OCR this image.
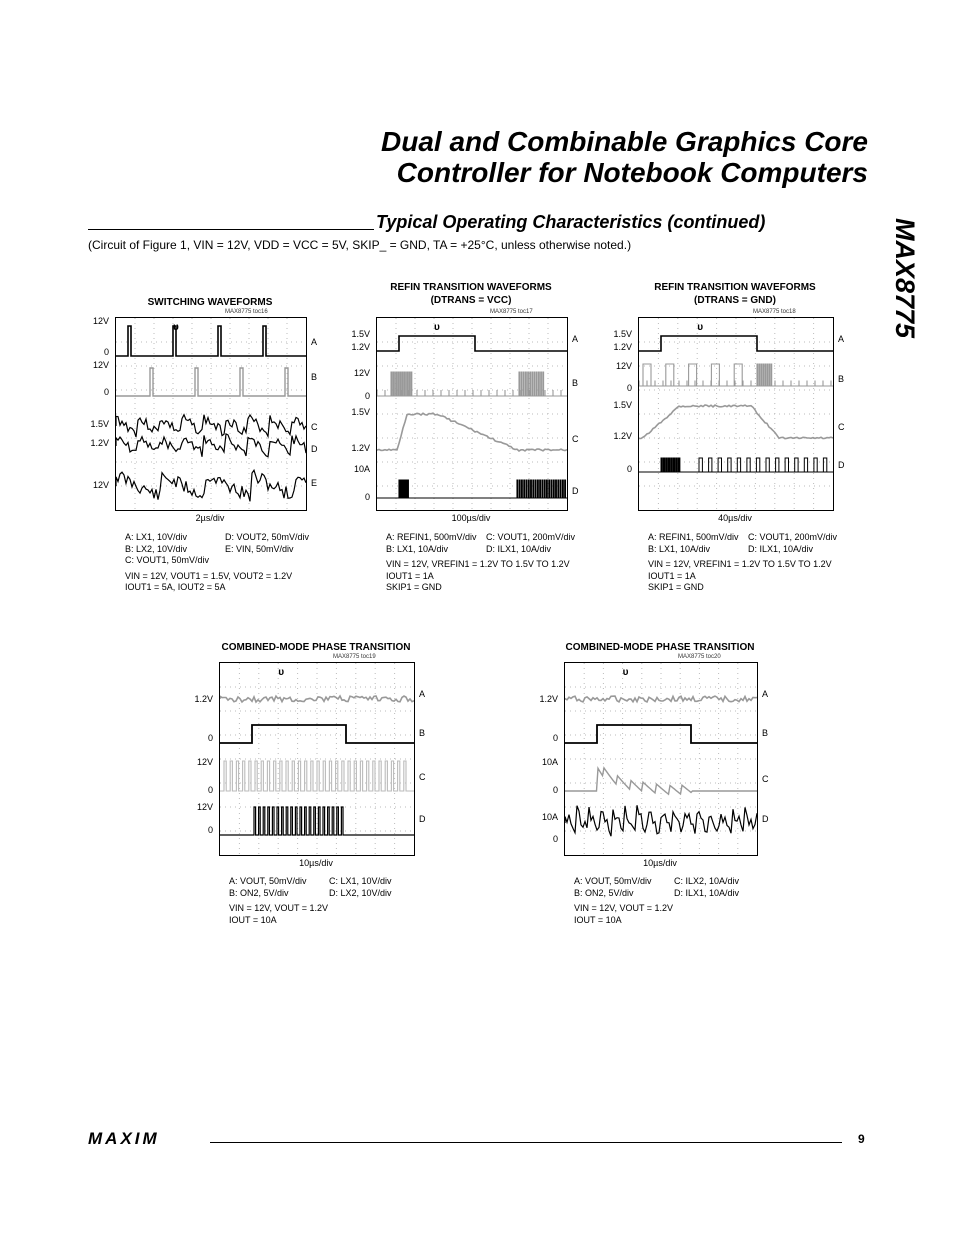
Dual and Combinable Graphics Core
Controller for Notebook Computers
Typical Operating Characteristics (continued)
(Circuit of Figure 1, VIN = 12V, VDD = VCC = 5V, SKIP_ = GND, TA = +25°C, unless otherwise noted.)	MAX8775
SWITCHING WAVEFORMS
MAX8775 toc16
υ
12V
0
12V
0
1.5V
1.2V
12V
A
B
C
D
E
2µs/div
A: LX1, 10V/div
B: LX2, 10V/div
C: VOUT1, 50mV/div
D: VOUT2, 50mV/div
E: VIN, 50mV/div
VIN = 12V, VOUT1 = 1.5V, VOUT2 = 1.2V
IOUT1 = 5A, IOUT2 = 5A
REFIN TRANSITION WAVEFORMS
(DTRANS = VCC)
MAX8775 toc17
υ
1.5V
1.2V
12V
0
1.5V
1.2V
10A
0
A
B
C
D
100µs/div
A: REFIN1, 500mV/div
B: LX1, 10A/div
C: VOUT1, 200mV/div
D: ILX1, 10A/div
VIN = 12V, VREFIN1 = 1.2V TO 1.5V TO 1.2V
IOUT1 = 1A
SKIP1 = GND
REFIN TRANSITION WAVEFORMS
(DTRANS = GND)
MAX8775 toc18
υ
1.5V
1.2V
12V
0
1.5V
1.2V
0
A
B
C
D
40µs/div
A: REFIN1, 500mV/div
B: LX1, 10A/div
C: VOUT1, 200mV/div
D: ILX1, 10A/div
VIN = 12V, VREFIN1 = 1.2V TO 1.5V TO 1.2V
IOUT1 = 1A
SKIP1 = GND
COMBINED-MODE PHASE TRANSITION
MAX8775 toc19
υ
1.2V
0
12V
0
12V
0
A
B
C
D
10µs/div
A: VOUT, 50mV/div
B: ON2, 5V/div
C: LX1, 10V/div
D: LX2, 10V/div
VIN = 12V, VOUT = 1.2V
IOUT = 10A
COMBINED-MODE PHASE TRANSITION
MAX8775 toc20
υ
1.2V
0
10A
0
10A
0
A
B
C
D
10µs/div
A: VOUT, 50mV/div
B: ON2, 5V/div
C: ILX2, 10A/div
D: ILX1, 10A/div
VIN = 12V, VOUT = 1.2V
IOUT = 10A
MAXIM	9
